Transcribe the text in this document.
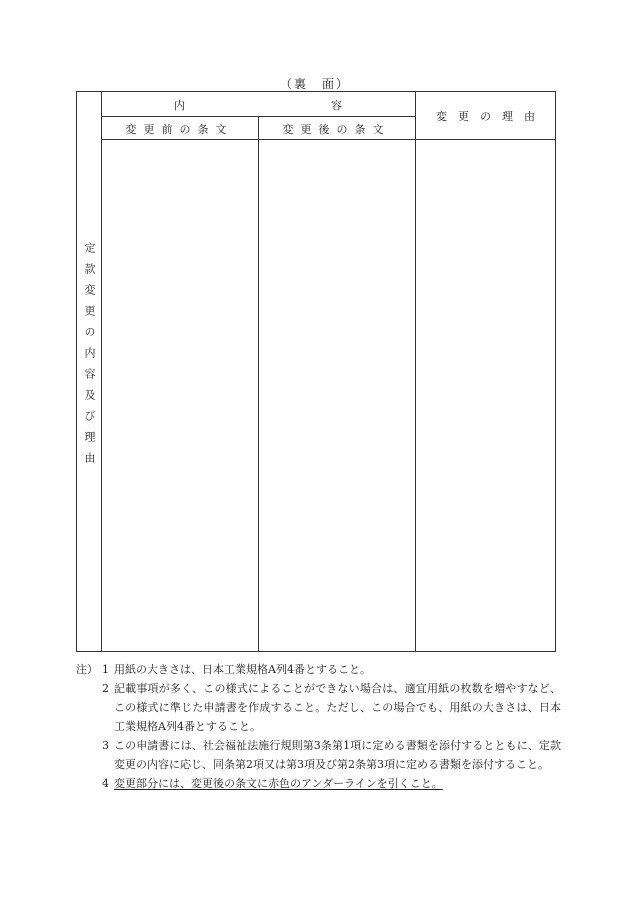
（裏　面）
内	容
変　更　の　理　由
変更前の条文	変更後の条文
定款変更の内容及び理由
注） 1 用紙の大きさは、日本工業規格A列4番とすること。
2 記載事項が多く、この様式によることができない場合は、適宜用紙の枚数を増やすなど、この様式に準じた申請書を作成すること。ただし、この場合でも、用紙の大きさは、日本工業規格A列4番とすること。
3 この申請書には、社会福祉法施行規則第3条第1項に定める書類を添付するとともに、定款変更の内容に応じ、同条第2項又は第3項及び第2条第3項に定める書類を添付すること。
4 変更部分には、変更後の条文に赤色のアンダーラインを引くこと。
